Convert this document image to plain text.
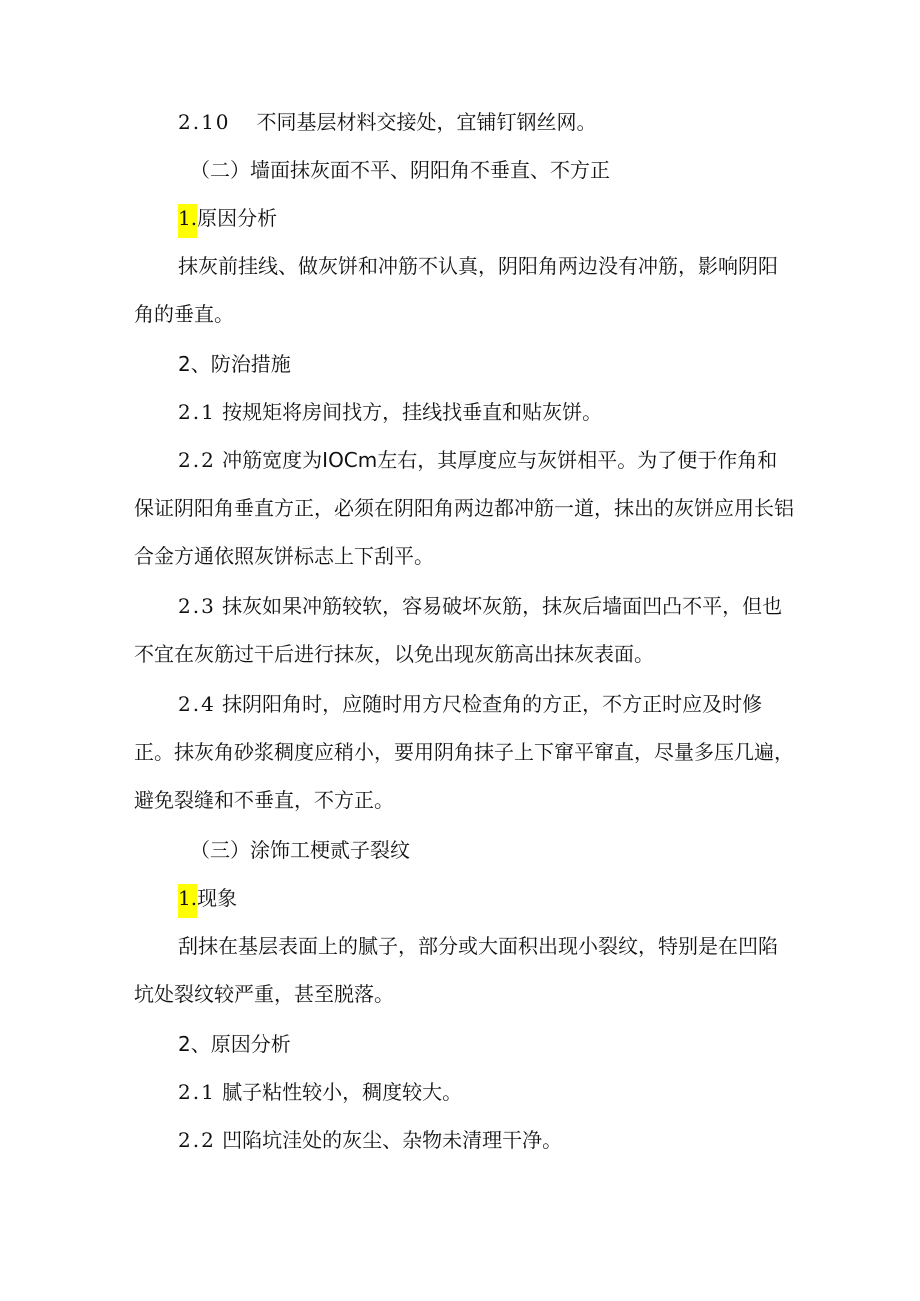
2.10 不同基层材料交接处，宜铺钉钢丝网。

（二）墙面抹灰面不平、阴阳角不垂直、不方正

1.原因分析

抹灰前挂线、做灰饼和冲筋不认真，阴阳角两边没有冲筋，影响阴阳角的垂直。

2、防治措施

2.1 按规矩将房间找方，挂线找垂直和贴灰饼。

2.2 冲筋宽度为IOCm左右，其厚度应与灰饼相平。为了便于作角和保证阴阳角垂直方正，必须在阴阳角两边都冲筋一道，抹出的灰饼应用长铝合金方通依照灰饼标志上下刮平。
2.3 抹灰如果冲筋较软，容易破坏灰筋，抹灰后墙面凹凸不平，但也不宜在灰筋过干后进行抹灰，以免出现灰筋高出抹灰表面。
2.4 抹阴阳角时，应随时用方尺检查角的方正，不方正时应及时修正。抹灰角砂浆稠度应稍小，要用阴角抹子上下窜平窜直，尽量多压几遍，避免裂缝和不垂直，不方正。

（三）涂饰工梗贰子裂纹

1.现象

刮抹在基层表面上的腻子，部分或大面积出现小裂纹，特别是在凹陷坑处裂纹较严重，甚至脱落。

2、原因分析

2.1 腻子粘性较小，稠度较大。

2.2 凹陷坑洼处的灰尘、杂物未清理干净。
